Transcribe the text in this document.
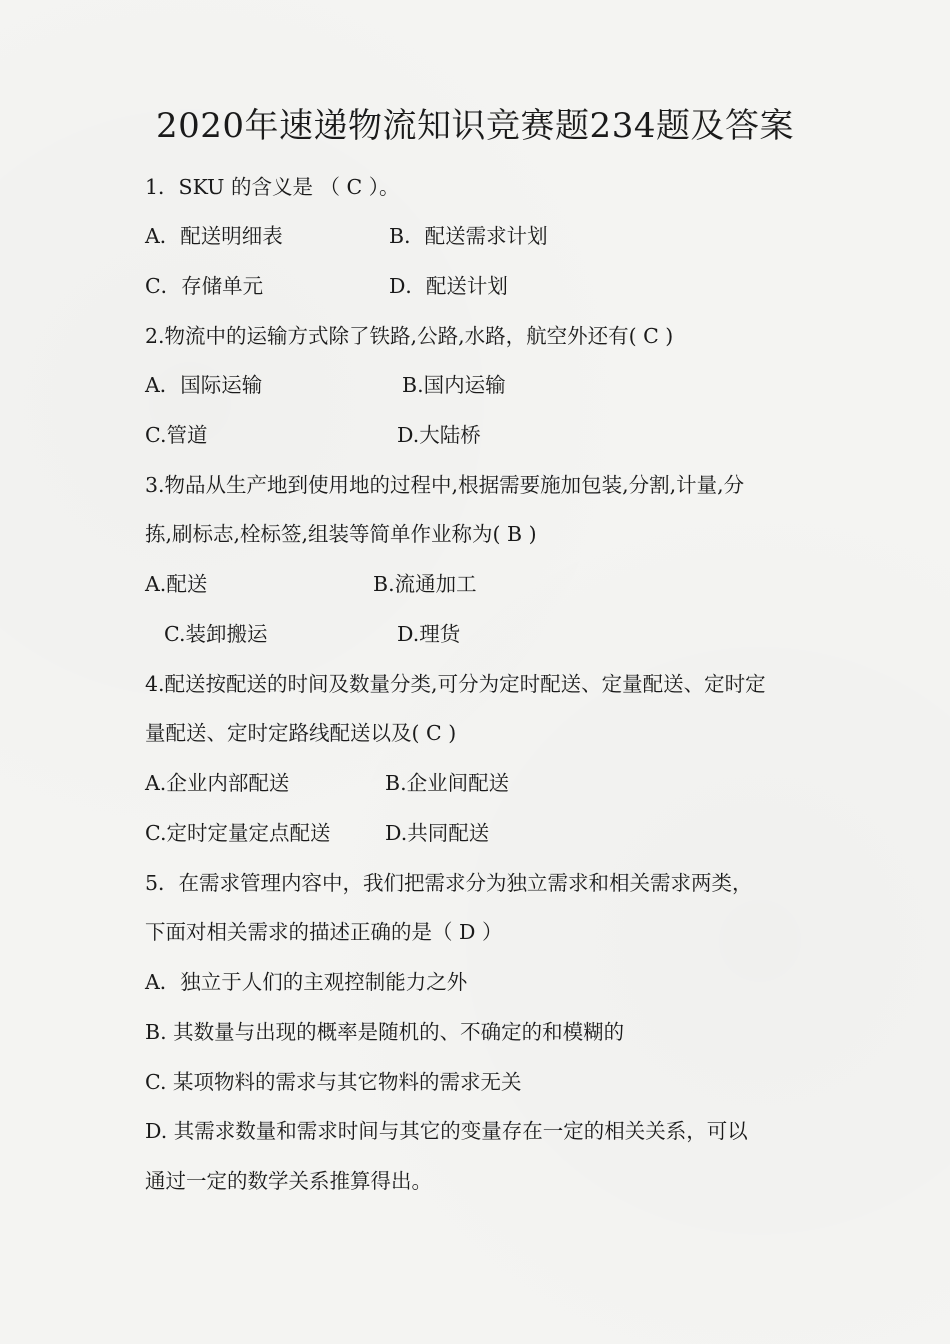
2020年速递物流知识竞赛题234题及答案
1．SKU 的含义是 （ C ）。
A．配送明细表	B．配送需求计划
C．存储单元	D．配送计划
2.物流中的运输方式除了铁路,公路,水路，航空外还有( C )
A．国际运输	B.国内运输
C.管道	D.大陆桥
3.物品从生产地到使用地的过程中,根据需要施加包装,分割,计量,分
拣,刷标志,栓标签,组装等简单作业称为( B )
A.配送	B.流通加工
C.装卸搬运	D.理货
4.配送按配送的时间及数量分类,可分为定时配送、定量配送、定时定
量配送、定时定路线配送以及( C )
A.企业内部配送	B.企业间配送
C.定时定量定点配送	D.共同配送
5．在需求管理内容中，我们把需求分为独立需求和相关需求两类，
下面对相关需求的描述正确的是（ D ）
A．独立于人们的主观控制能力之外
B. 其数量与出现的概率是随机的、不确定的和模糊的
C. 某项物料的需求与其它物料的需求无关
D. 其需求数量和需求时间与其它的变量存在一定的相关关系，可以
通过一定的数学关系推算得出。
